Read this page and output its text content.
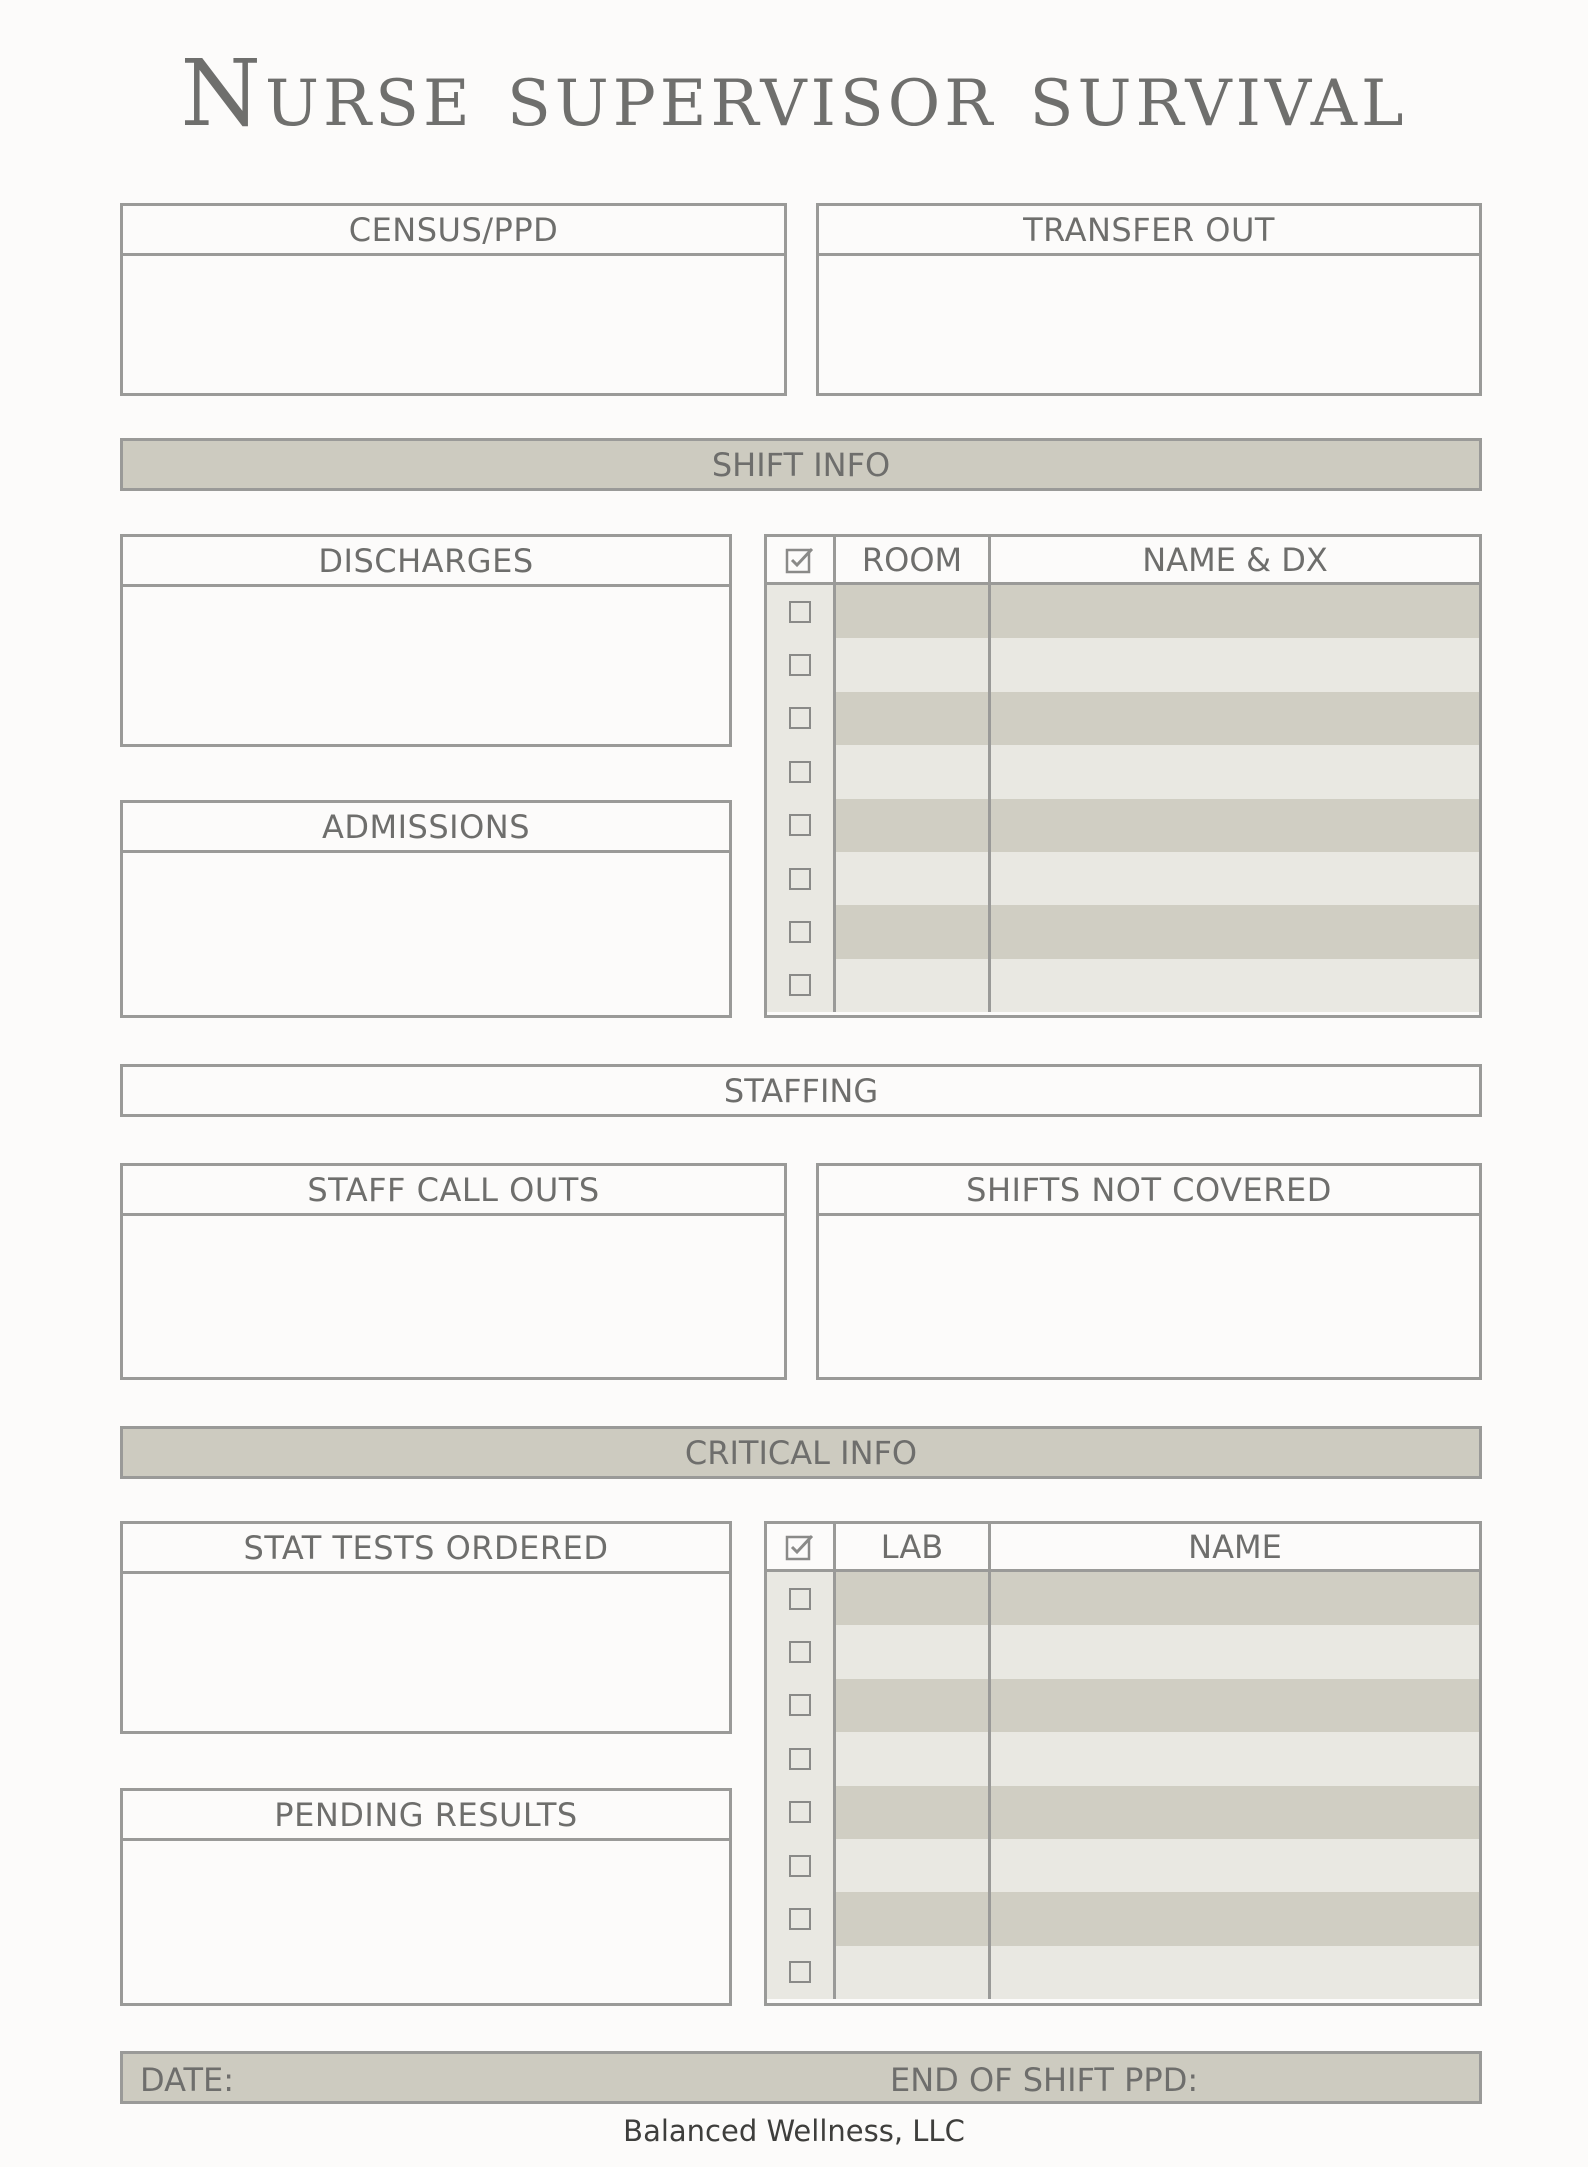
Nurse supervisor survival
CENSUS/PPD	TRANSFER OUT
SHIFT INFO
DISCHARGES
ADMISSIONS
ROOM	NAME & DX
STAFFING
STAFF CALL OUTS	SHIFTS NOT COVERED
CRITICAL INFO
STAT TESTS ORDERED
PENDING RESULTS
LAB	NAME
DATE:	END OF SHIFT PPD:
Balanced Wellness, LLC
